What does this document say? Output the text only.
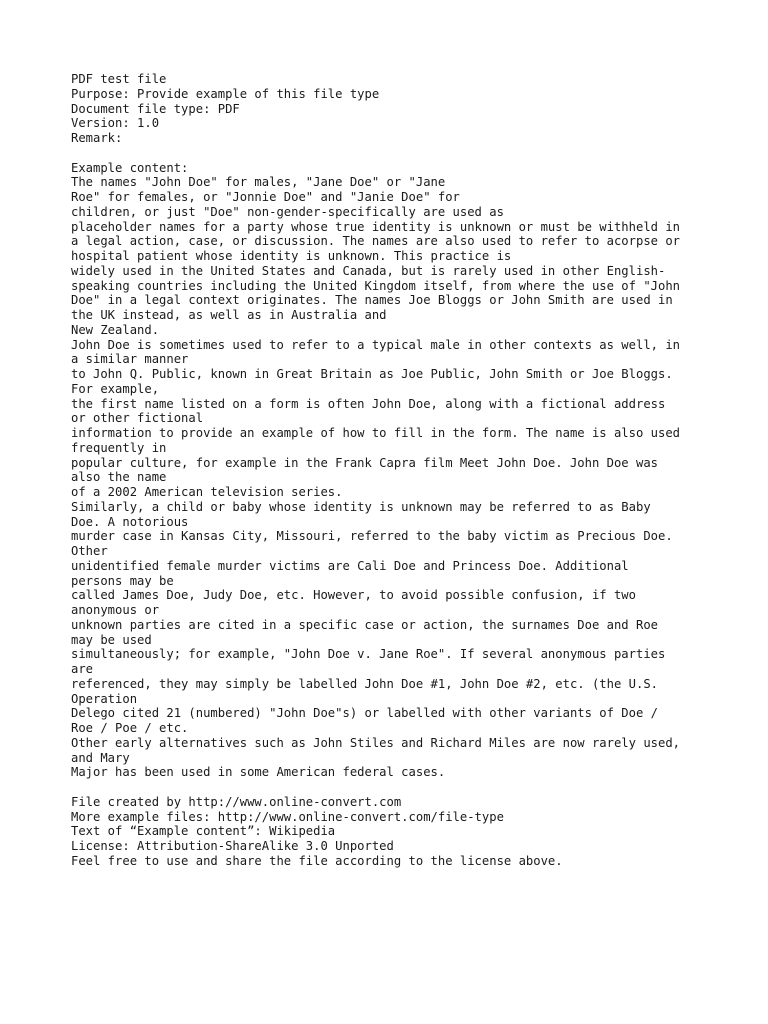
PDF test file
Purpose: Provide example of this file type
Document file type: PDF
Version: 1.0
Remark:
Example content:
The names "John Doe" for males, "Jane Doe" or "Jane
Roe" for females, or "Jonnie Doe" and "Janie Doe" for
children, or just "Doe" non-gender-specifically are used as
placeholder names for a party whose true identity is unknown or must be withheld in
a legal action, case, or discussion. The names are also used to refer to acorpse or
hospital patient whose identity is unknown. This practice is
widely used in the United States and Canada, but is rarely used in other English-
speaking countries including the United Kingdom itself, from where the use of "John
Doe" in a legal context originates. The names Joe Bloggs or John Smith are used in
the UK instead, as well as in Australia and
New Zealand.
John Doe is sometimes used to refer to a typical male in other contexts as well, in
a similar manner
to John Q. Public, known in Great Britain as Joe Public, John Smith or Joe Bloggs.
For example,
the first name listed on a form is often John Doe, along with a fictional address
or other fictional
information to provide an example of how to fill in the form. The name is also used
frequently in
popular culture, for example in the Frank Capra film Meet John Doe. John Doe was
also the name
of a 2002 American television series.
Similarly, a child or baby whose identity is unknown may be referred to as Baby
Doe. A notorious
murder case in Kansas City, Missouri, referred to the baby victim as Precious Doe.
Other
unidentified female murder victims are Cali Doe and Princess Doe. Additional
persons may be
called James Doe, Judy Doe, etc. However, to avoid possible confusion, if two
anonymous or
unknown parties are cited in a specific case or action, the surnames Doe and Roe
may be used
simultaneously; for example, "John Doe v. Jane Roe". If several anonymous parties
are
referenced, they may simply be labelled John Doe #1, John Doe #2, etc. (the U.S.
Operation
Delego cited 21 (numbered) "John Doe"s) or labelled with other variants of Doe /
Roe / Poe / etc.
Other early alternatives such as John Stiles and Richard Miles are now rarely used,
and Mary
Major has been used in some American federal cases.
File created by http://www.online-convert.com
More example files: http://www.online-convert.com/file-type
Text of “Example content”: Wikipedia
License: Attribution-ShareAlike 3.0 Unported
Feel free to use and share the file according to the license above.
